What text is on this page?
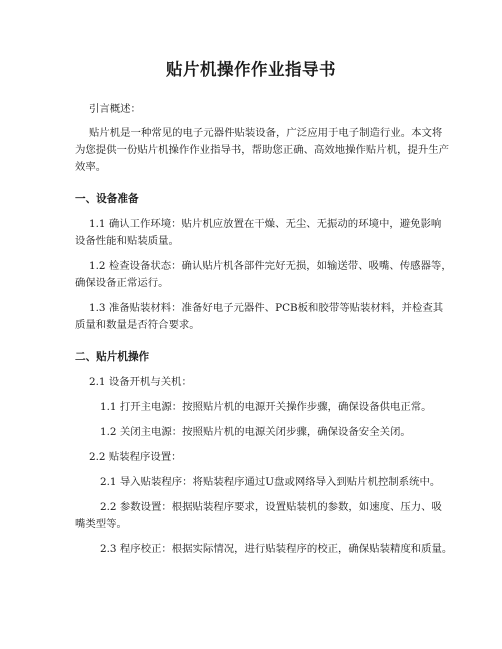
贴片机操作作业指导书
引言概述：
贴片机是一种常见的电子元器件贴装设备，广泛应用于电子制造行业。本文将
为您提供一份贴片机操作作业指导书，帮助您正确、高效地操作贴片机，提升生产
效率。
一、设备准备
1.1 确认工作环境：贴片机应放置在干燥、无尘、无振动的环境中，避免影响
设备性能和贴装质量。
1.2 检查设备状态：确认贴片机各部件完好无损，如输送带、吸嘴、传感器等，
确保设备正常运行。
1.3 准备贴装材料：准备好电子元器件、PCB板和胶带等贴装材料，并检查其
质量和数量是否符合要求。
二、贴片机操作
2.1 设备开机与关机：
1.1 打开主电源：按照贴片机的电源开关操作步骤，确保设备供电正常。
1.2 关闭主电源：按照贴片机的电源关闭步骤，确保设备安全关闭。
2.2 贴装程序设置：
2.1 导入贴装程序：将贴装程序通过U盘或网络导入到贴片机控制系统中。
2.2 参数设置：根据贴装程序要求，设置贴装机的参数，如速度、压力、吸
嘴类型等。
2.3 程序校正：根据实际情况，进行贴装程序的校正，确保贴装精度和质量。
